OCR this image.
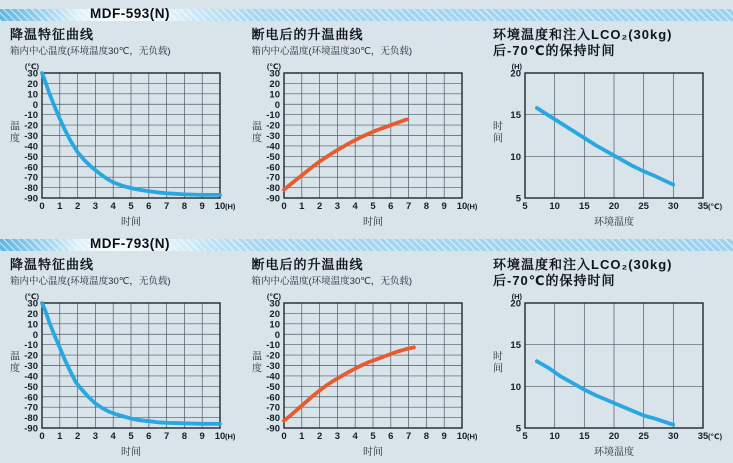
MDF-593(N)
降温特征曲线
箱内中心温度(环境温度30℃，无负载)
0 1 2 3 4 5 6 7 8 9 10
30
20
10
0
-10
-20
-30
-40
-50
-60
-70
-80
-90
(H)
(℃)
温度
时间
断电后的升温曲线
箱内中心温度(环境温度30℃，无负载)
0 1 2 3 4 5 6 7 8 9 10
30
20
10
0
-10
-20
-30
-40
-50
-60
-70
-80
-90
(H)
(℃)
温度
时间
环境温度和注入LCO₂(30kg)
后-70℃的保持时间
5 10 15 20 25 30 35
5
10
15
20
(℃)
(H)
时间
环境温度
MDF-793(N)
降温特征曲线
箱内中心温度(环境温度30℃，无负载)
0 1 2 3 4 5 6 7 8 9 10
30
20
10
0
-10
-20
-30
-40
-50
-60
-70
-80
-90
(H)
(℃)
温度
时间
断电后的升温曲线
箱内中心温度(环境温度30℃，无负载)
0 1 2 3 4 5 6 7 8 9 10
30
20
10
0
-10
-20
-30
-40
-50
-60
-70
-80
-90
(H)
(℃)
温度
时间
环境温度和注入LCO₂(30kg)
后-70℃的保持时间
5 10 15 20 25 30 35
5
10
15
20
(℃)
(H)
时间
环境温度
